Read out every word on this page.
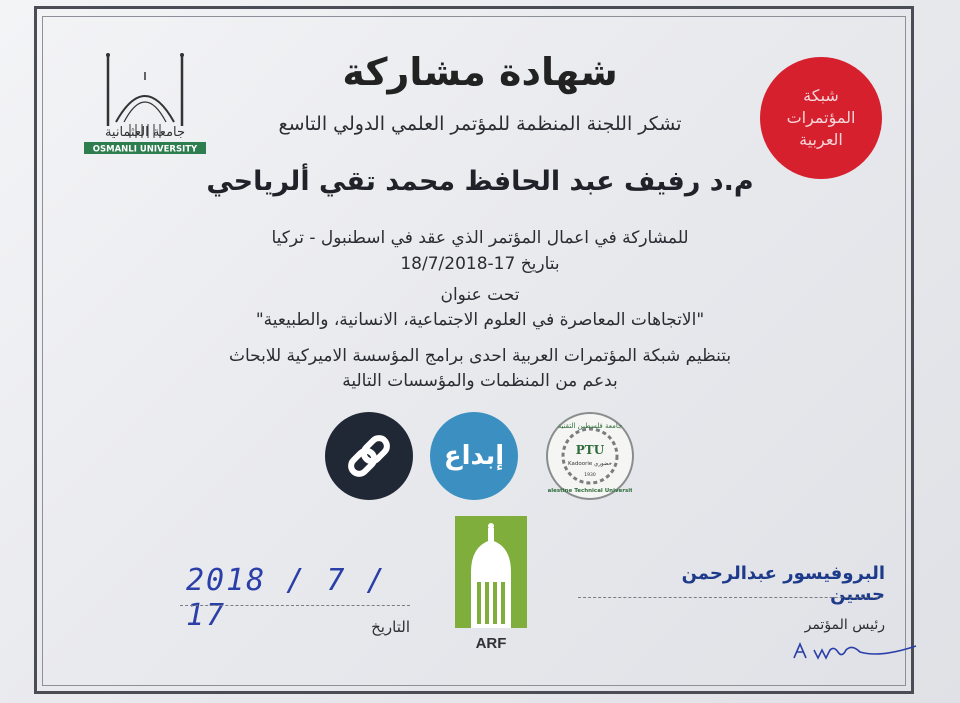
جامعة العثمانية
OSMANLI UNIVERSITY
شبكة
المؤتمرات
العربية
شهادة مشاركة
تشكر اللجنة المنظمة للمؤتمر العلمي الدولي التاسع
م.د رفيف عبد الحافظ محمد تقي ألرياحي
للمشاركة في اعمال المؤتمر الذي عقد في اسطنبول - تركيا
بتاريخ 17-18/7/2018
تحت عنوان
"الاتجاهات المعاصرة في العلوم الاجتماعية، الانسانية، والطبيعية"
بتنظيم شبكة المؤتمرات العربية احدى برامج المؤسسة الاميركية للابحاث
بدعم من المنظمات والمؤسسات التالية
إبداع
جامعة فلسطين التقنية
PTU
Kadoorie خضوري
1930
Palestine Technical University
ARF
2018 / 7 / 17	التاريخ
البروفيسور عبدالرحمن حسين
رئيس المؤتمر
